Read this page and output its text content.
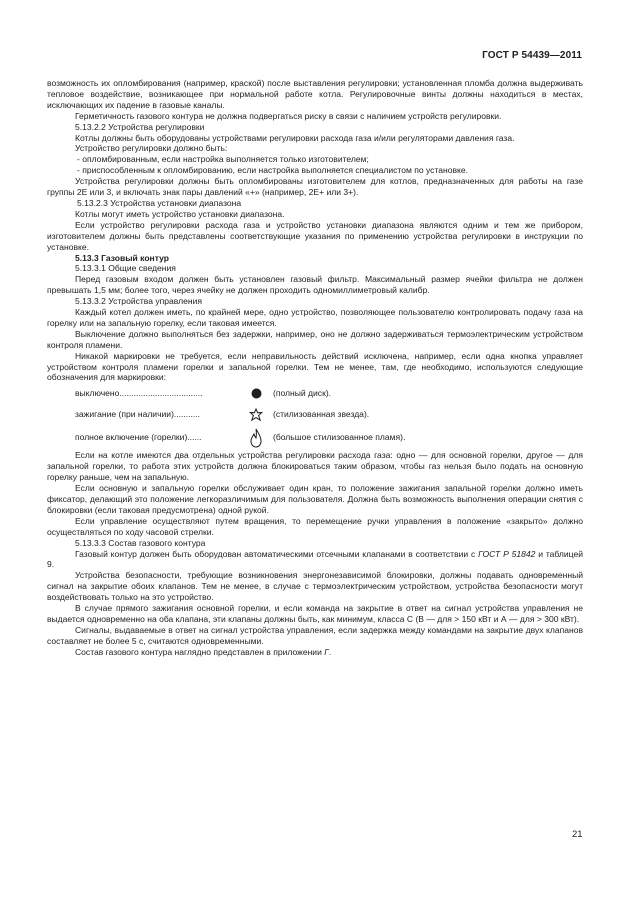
ГОСТ Р 54439—2011

возможность их опломбирования (например, краской) после выставления регулировки; установленная пломба должна выдерживать тепловое воздействие, возникающее при нормальной работе котла. Регулировочные винты должны находиться в местах, исключающих их падение в газовые каналы.

Герметичность газового контура не должна подвергаться риску в связи с наличием устройств регулировки.

5.13.2.2 Устройства регулировки

Котлы должны быть оборудованы устройствами регулировки расхода газа и/или регуляторами давления газа.

Устройство регулировки должно быть:

- опломбированным, если настройка выполняется только изготовителем;

- приспособленным к опломбированию, если настройка выполняется специалистом по установке.

Устройства регулировки должны быть опломбированы изготовителем для котлов, предназначенных для работы на газе группы 2Е или 3, и включать знак пары давлений «+» (например, 2Е+ или 3+).

5.13.2.3 Устройства установки диапазона

Котлы могут иметь устройство установки диапазона.

Если устройство регулировки расхода газа и устройство установки диапазона являются одним и тем же прибором, изготовителем должны быть представлены соответствующие указания по применению устройства регулировки в инструкции по установке.

5.13.3 Газовый контур

5.13.3.1 Общие сведения

Перед газовым входом должен быть установлен газовый фильтр. Максимальный размер ячейки фильтра не должен превышать 1,5 мм; более того, через ячейку не должен проходить одномиллиметровый калибр.

5.13.3.2 Устройства управления

Каждый котел должен иметь, по крайней мере, одно устройство, позволяющее пользователю контролировать подачу газа на горелку или на запальную горелку, если таковая имеется.

Выключение должно выполняться без задержки, например, оно не должно задерживаться термоэлектрическим устройством контроля пламени.

Никакой маркировки не требуется, если неправильность действий исключена, например, если одна кнопка управляет устройством контроля пламени горелки и запальной горелки. Тем не менее, там, где необходимо, используются следующие обозначения для маркировки:

выключено...................................	(полный диск).
зажигание (при наличии)...........	(стилизованная звезда).
полное включение (горелки)......	(большое стилизованное пламя).

Если на котле имеются два отдельных устройства регулировки расхода газа: одно — для основной горелки, другое — для запальной горелки, то работа этих устройств должна блокироваться таким образом, чтобы газ нельзя было подать на основную горелку раньше, чем на запальную.

Если основную и запальную горелки обслуживает один кран, то положение зажигания запальной горелки должно иметь фиксатор, делающий это положение легкоразличимым для пользователя. Должна быть возможность выполнения операции снятия с блокировки (если таковая предусмотрена) одной рукой.

Если управление осуществляют путем вращения, то перемещение ручки управления в положение «закрыто» должно осуществляться по ходу часовой стрелки.

5.13.3.3 Состав газового контура

Газовый контур должен быть оборудован автоматическими отсечными клапанами в соответствии с ГОСТ Р 51842 и таблицей 9.

Устройства безопасности, требующие возникновения энергонезависимой блокировки, должны подавать одновременный сигнал на закрытие обоих клапанов. Тем не менее, в случае с термоэлектрическим устройством, устройства безопасности могут воздействовать только на это устройство.

В случае прямого зажигания основной горелки, и если команда на закрытие в ответ на сигнал устройства управления не выдается одновременно на оба клапана, эти клапаны должны быть, как минимум, класса С (В — для > 150 кВт и А — для > 300 кВт).

Сигналы, выдаваемые в ответ на сигнал устройства управления, если задержка между командами на закрытие двух клапанов составляет не более 5 с, считаются одновременными.

Состав газового контура наглядно представлен в приложении Г.

21
